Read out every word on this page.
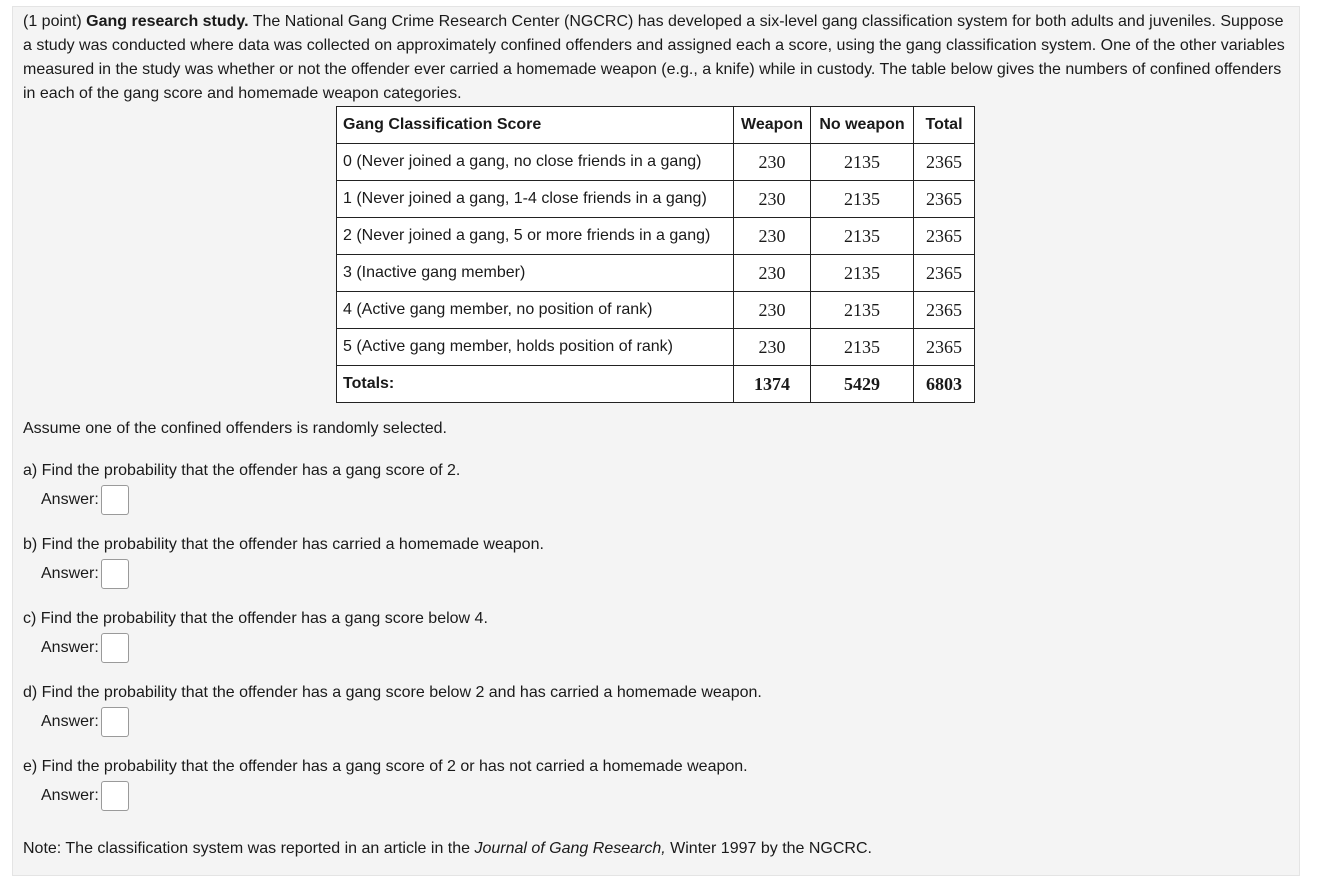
(1 point) Gang research study. The National Gang Crime Research Center (NGCRC) has developed a six-level gang classification system for both adults and juveniles. Suppose a study was conducted where data was collected on approximately confined offenders and assigned each a score, using the gang classification system. One of the other variables measured in the study was whether or not the offender ever carried a homemade weapon (e.g., a knife) while in custody. The table below gives the numbers of confined offenders in each of the gang score and homemade weapon categories.
Gang Classification Score	Weapon	No weapon	Total
0 (Never joined a gang, no close friends in a gang)	230	2135	2365
1 (Never joined a gang, 1-4 close friends in a gang)	230	2135	2365
2 (Never joined a gang, 5 or more friends in a gang)	230	2135	2365
3 (Inactive gang member)	230	2135	2365
4 (Active gang member, no position of rank)	230	2135	2365
5 (Active gang member, holds position of rank)	230	2135	2365
Totals:	1374	5429	6803
Assume one of the confined offenders is randomly selected.
a) Find the probability that the offender has a gang score of 2.
Answer:
b) Find the probability that the offender has carried a homemade weapon.
Answer:
c) Find the probability that the offender has a gang score below 4.
Answer:
d) Find the probability that the offender has a gang score below 2 and has carried a homemade weapon.
Answer:
e) Find the probability that the offender has a gang score of 2 or has not carried a homemade weapon.
Answer:
Note: The classification system was reported in an article in the Journal of Gang Research, Winter 1997 by the NGCRC.
